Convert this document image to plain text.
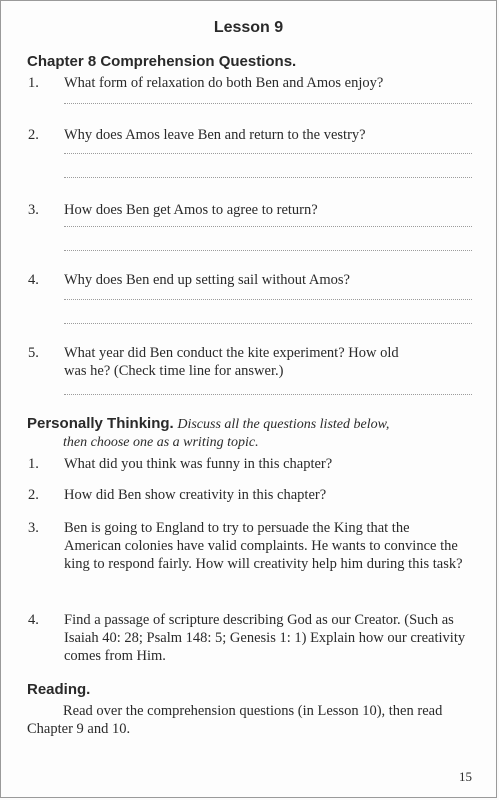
Lesson 9
Chapter 8 Comprehension Questions.
1. What form of relaxation do both Ben and Amos enjoy?
2. Why does Amos leave Ben and return to the vestry?
3. How does Ben get Amos to agree to return?
4. Why does Ben end up setting sail without Amos?
5. What year did Ben conduct the kite experiment? How old was he? (Check time line for answer.)
Personally Thinking. Discuss all the questions listed below,
then choose one as a writing topic.
1. What did you think was funny in this chapter?
2. How did Ben show creativity in this chapter?
3. Ben is going to England to try to persuade the King that the American colonies have valid complaints. He wants to convince the king to respond fairly. How will creativity help him during this task?
4. Find a passage of scripture describing God as our Creator. (Such as Isaiah 40: 28; Psalm 148: 5; Genesis 1: 1) Explain how our creativity comes from Him.
Reading.
Read over the comprehension questions (in Lesson 10), then read Chapter 9 and 10.
15
